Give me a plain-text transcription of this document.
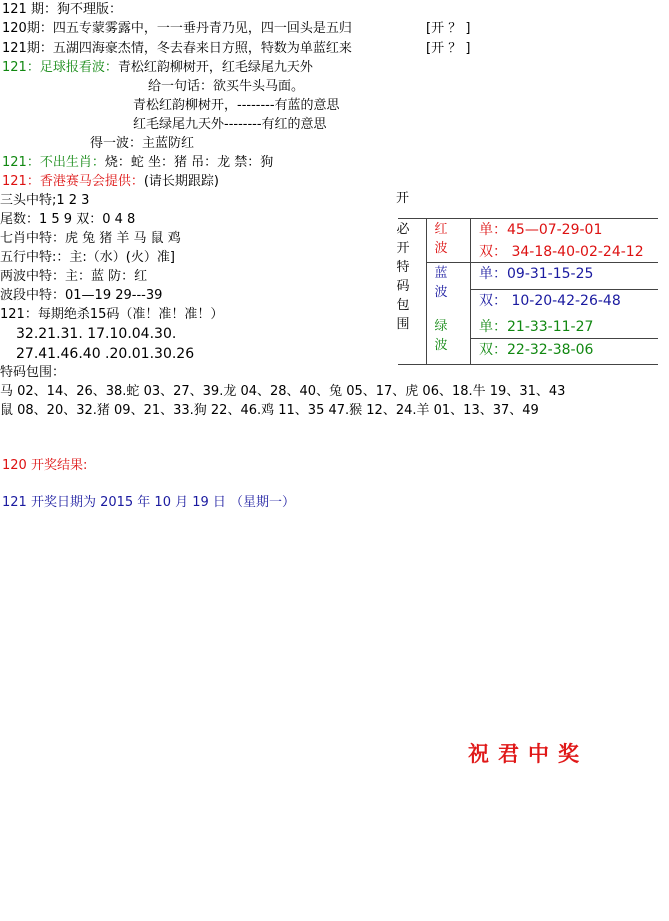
121 期：狗不理版：
120期：四五专蒙雾露中，一一垂丹青乃见，四一回头是五归	[开 ？ ]
121期：五湖四海豪杰情，冬去春来日方照，特数为单蓝红来	[开 ？ ]
121：足球报看波：青松红韵柳树开，红毛绿尾九天外
给一句话：欲买牛头马面。
青松红韵柳树开，--------有蓝的意思
红毛绿尾九天外--------有红的意思
得一波：主蓝防红
121：不出生肖：烧：蛇 坐：猪 吊：龙 禁：狗
121：香港赛马会提供：(请长期跟踪)
三头中特;1 2 3
尾数：1 5 9 双：0 4 8
七肖中特：虎 兔 猪 羊 马 鼠 鸡
五行中特:：主:（水）(火）准]
两波中特：主：蓝 防：红
波段中特：01—19 29---39
121：每期绝杀15码（准！准！准！）
32.21.31. 17.10.04.30.
27.41.46.40 .20.01.30.26
特码包围：
马 02、14、26、38.蛇 03、27、39.龙 04、28、40、兔 05、17、虎 06、18.牛 19、31、43
鼠 08、20、32.猪 09、21、33.狗 22、46.鸡 11、35 47.猴 12、24.羊 01、13、37、49
开
必开特码包围
红波
蓝波
绿波
单：45—07-29-01
双： 34-18-40-02-24-12
单：09-31-15-25
双： 10-20-42-26-48
单：21-33-11-27
双：22-32-38-06
120 开奖结果:
121 开奖日期为 2015 年 10 月 19 日 （星期一）
祝君中奖
